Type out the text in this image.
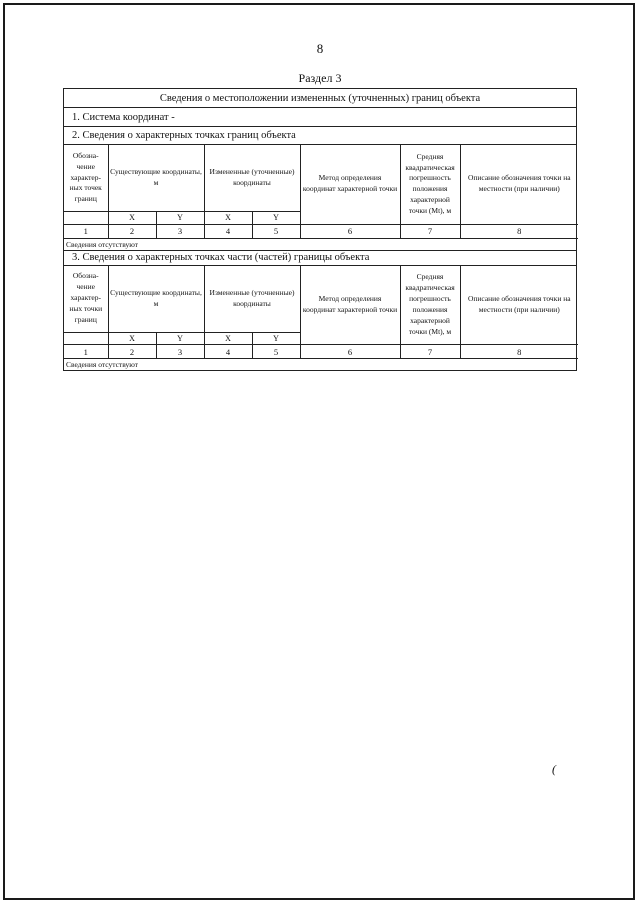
8
Раздел 3
Сведения о местоположении измененных (уточненных) границ объекта
1. Система координат -
2. Сведения о характерных точках границ объекта
Обозна-чение характер-ных точек границ	Существующие координаты, м		Измененные (уточненные) координаты		Метод определения координат характерной точки	Средняя квадратическая погрешность положения характерной точки (Mt), м	Описание обозначения точки на местности (при наличии)
	X	Y	X	Y			
1	2	3	4	5	6	7	8
Сведения отсутствуют
3. Сведения о характерных точках части (частей) границы объекта
Обозна-чение характер-ных точки границ	Существующие координаты, м		Измененные (уточненные) координаты		Метод определения координат характерной точки	Средняя квадратическая погрешность положения характерной точки (Mt), м	Описание обозначения точки на местности (при наличии)
	X	Y	X	Y			
1	2	3	4	5	6	7	8
Сведения отсутствуют
(
